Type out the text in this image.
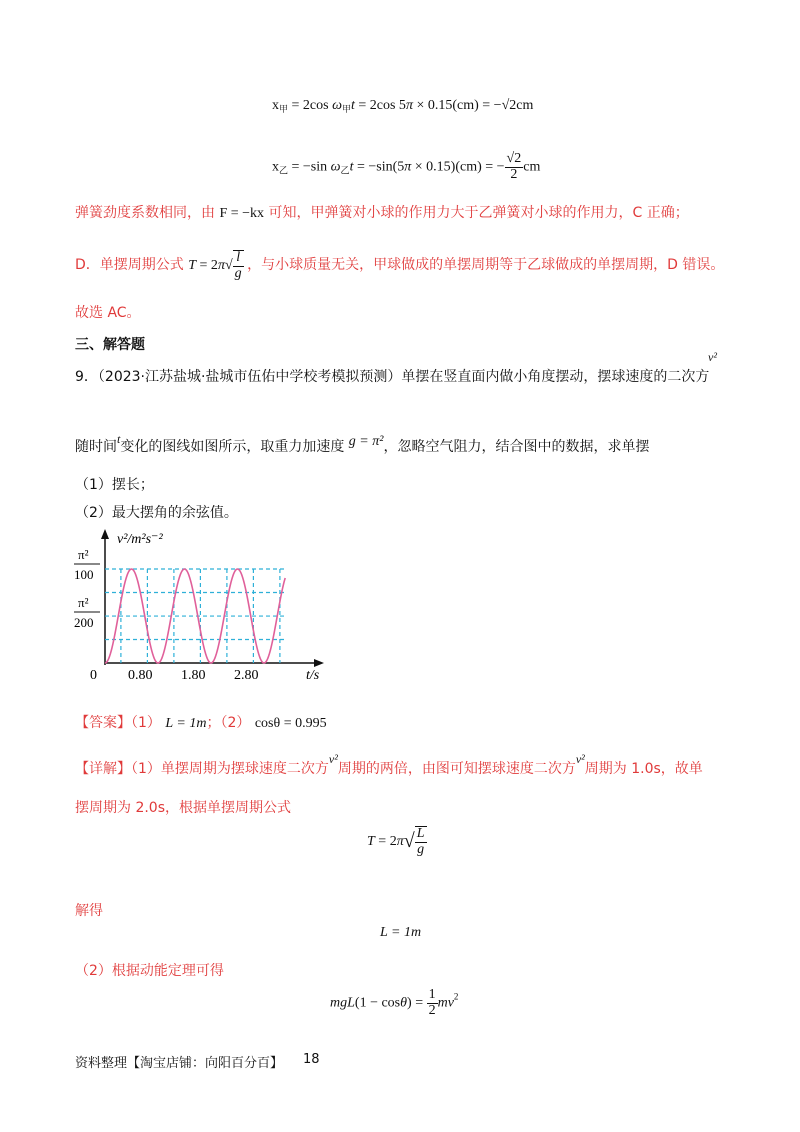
$x_甲 = 2\cos$ $\omega_甲t = 2\cos$ 5π × 0.15(cm) = −√2cm
$x_乙 = -\sin$ $\omega_乙t = -\sin(5\pi \times 0.15)(cm)$ = − $\frac{√2}{2}$ cm
弹簧劲度系数相同，由 F = −kx 可知，甲弹簧对小球的作用力大于乙弹簧对小球的作用力，C 正确；
D．单摆周期公式 $T = 2\pi√ \frac{l}{g}$ ，与小球质量无关，甲球做成的单摆周期等于乙球做成的单摆周期，D 错误。
故选 AC。
三、解答题
9．（2023·江苏盐城·盐城市伍佑中学校考模拟预测）单摆在竖直面内做小角度摆动，摆球速度的二次方
v²
随时间t变化的图线如图所示，取重力加速度 g = π²，忽略空气阻力，结合图中的数据，求单摆
（1）摆长；
（2）最大摆角的余弦值。
v²/m²s⁻²
π²
100
π²
200
0 0.80 1.80 2.80	t/s
【答案】（1） L = 1m；（2） cosθ = 0.995
【详解】（1）单摆周期为摆球速度二次方v²周期的两倍，由图可知摆球速度二次方v²周期为 1.0s，故单
摆周期为 2.0s，根据单摆周期公式
$T = 2\pi√ \frac{L}{g}$
解得
L = 1m
（2）根据动能定理可得
$mgL(1 - \cos\theta) = \frac{1}{2} mv^2$
资料整理【淘宝店铺：向阳百分百】 18
